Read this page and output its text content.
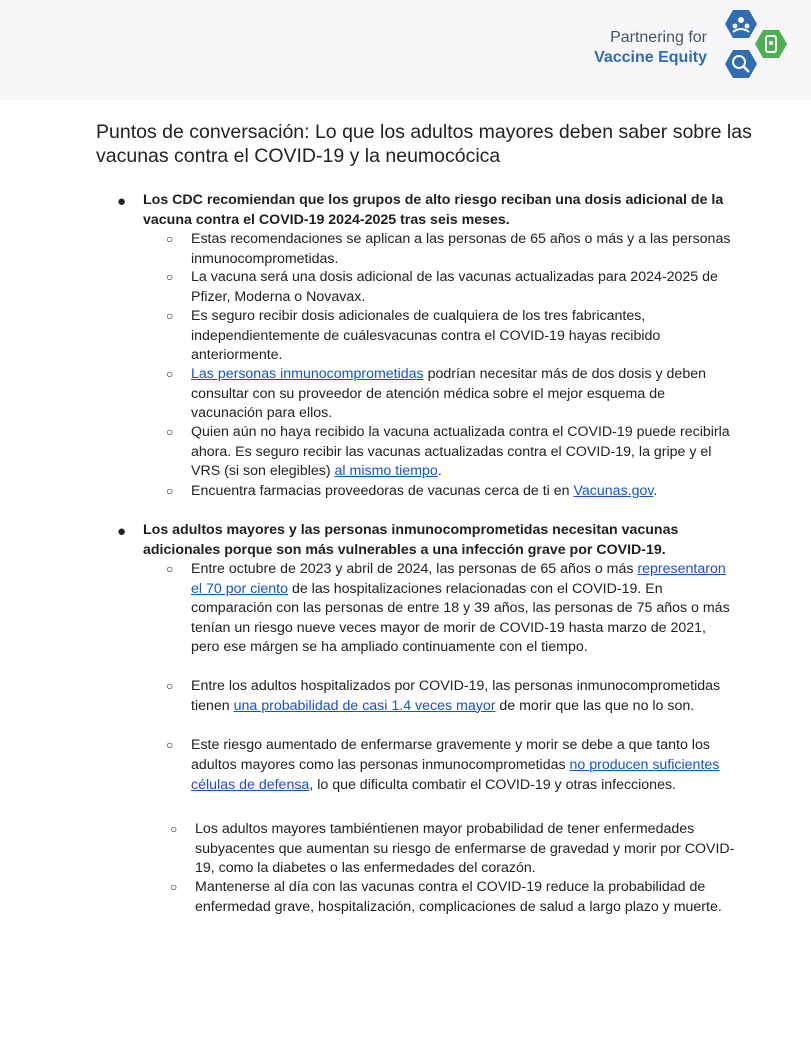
Partnering for
Vaccine Equity
Puntos de conversación: Lo que los adultos mayores deben saber sobre las vacunas contra el COVID-19 y la neumocócica
● Los CDC recomiendan que los grupos de alto riesgo reciban una dosis adicional de la vacuna contra el COVID-19 2024-2025 tras seis meses.

○ Estas recomendaciones se aplican a las personas de 65 años o más y a las personas inmunocomprometidas.
○ La vacuna será una dosis adicional de las vacunas actualizadas para 2024-2025 de Pfizer, Moderna o Novavax.
○ Es seguro recibir dosis adicionales de cualquiera de los tres fabricantes, independientemente de cuálesvacunas contra el COVID-19 hayas recibido anteriormente.
○ Las personas inmunocomprometidas podrían necesitar más de dos dosis y deben consultar con su proveedor de atención médica sobre el mejor esquema de vacunación para ellos.
○ Quien aún no haya recibido la vacuna actualizada contra el COVID-19 puede recibirla ahora. Es seguro recibir las vacunas actualizadas contra el COVID-19, la gripe y el VRS (si son elegibles) al mismo tiempo.
○ Encuentra farmacias proveedoras de vacunas cerca de ti en Vacunas.gov.
● Los adultos mayores y las personas inmunocomprometidas necesitan vacunas adicionales porque son más vulnerables a una infección grave por COVID-19.

○ Entre octubre de 2023 y abril de 2024, las personas de 65 años o más representaron el 70 por ciento de las hospitalizaciones relacionadas con el COVID-19. En comparación con las personas de entre 18 y 39 años, las personas de 75 años o más tenían un riesgo nueve veces mayor de morir de COVID-19 hasta marzo de 2021, pero ese márgen se ha ampliado continuamente con el tiempo.
○ Entre los adultos hospitalizados por COVID-19, las personas inmunocomprometidas tienen una probabilidad de casi 1.4 veces mayor de morir que las que no lo son.
○ Este riesgo aumentado de enfermarse gravemente y morir se debe a que tanto los adultos mayores como las personas inmunocomprometidas no producen suficientes células de defensa, lo que dificulta combatir el COVID-19 y otras infecciones.
○ Los adultos mayores tambiéntienen mayor probabilidad de tener enfermedades subyacentes que aumentan su riesgo de enfermarse de gravedad y morir por COVID-19, como la diabetes o las enfermedades del corazón.
○ Mantenerse al día con las vacunas contra el COVID-19 reduce la probabilidad de enfermedad grave, hospitalización, complicaciones de salud a largo plazo y muerte.
